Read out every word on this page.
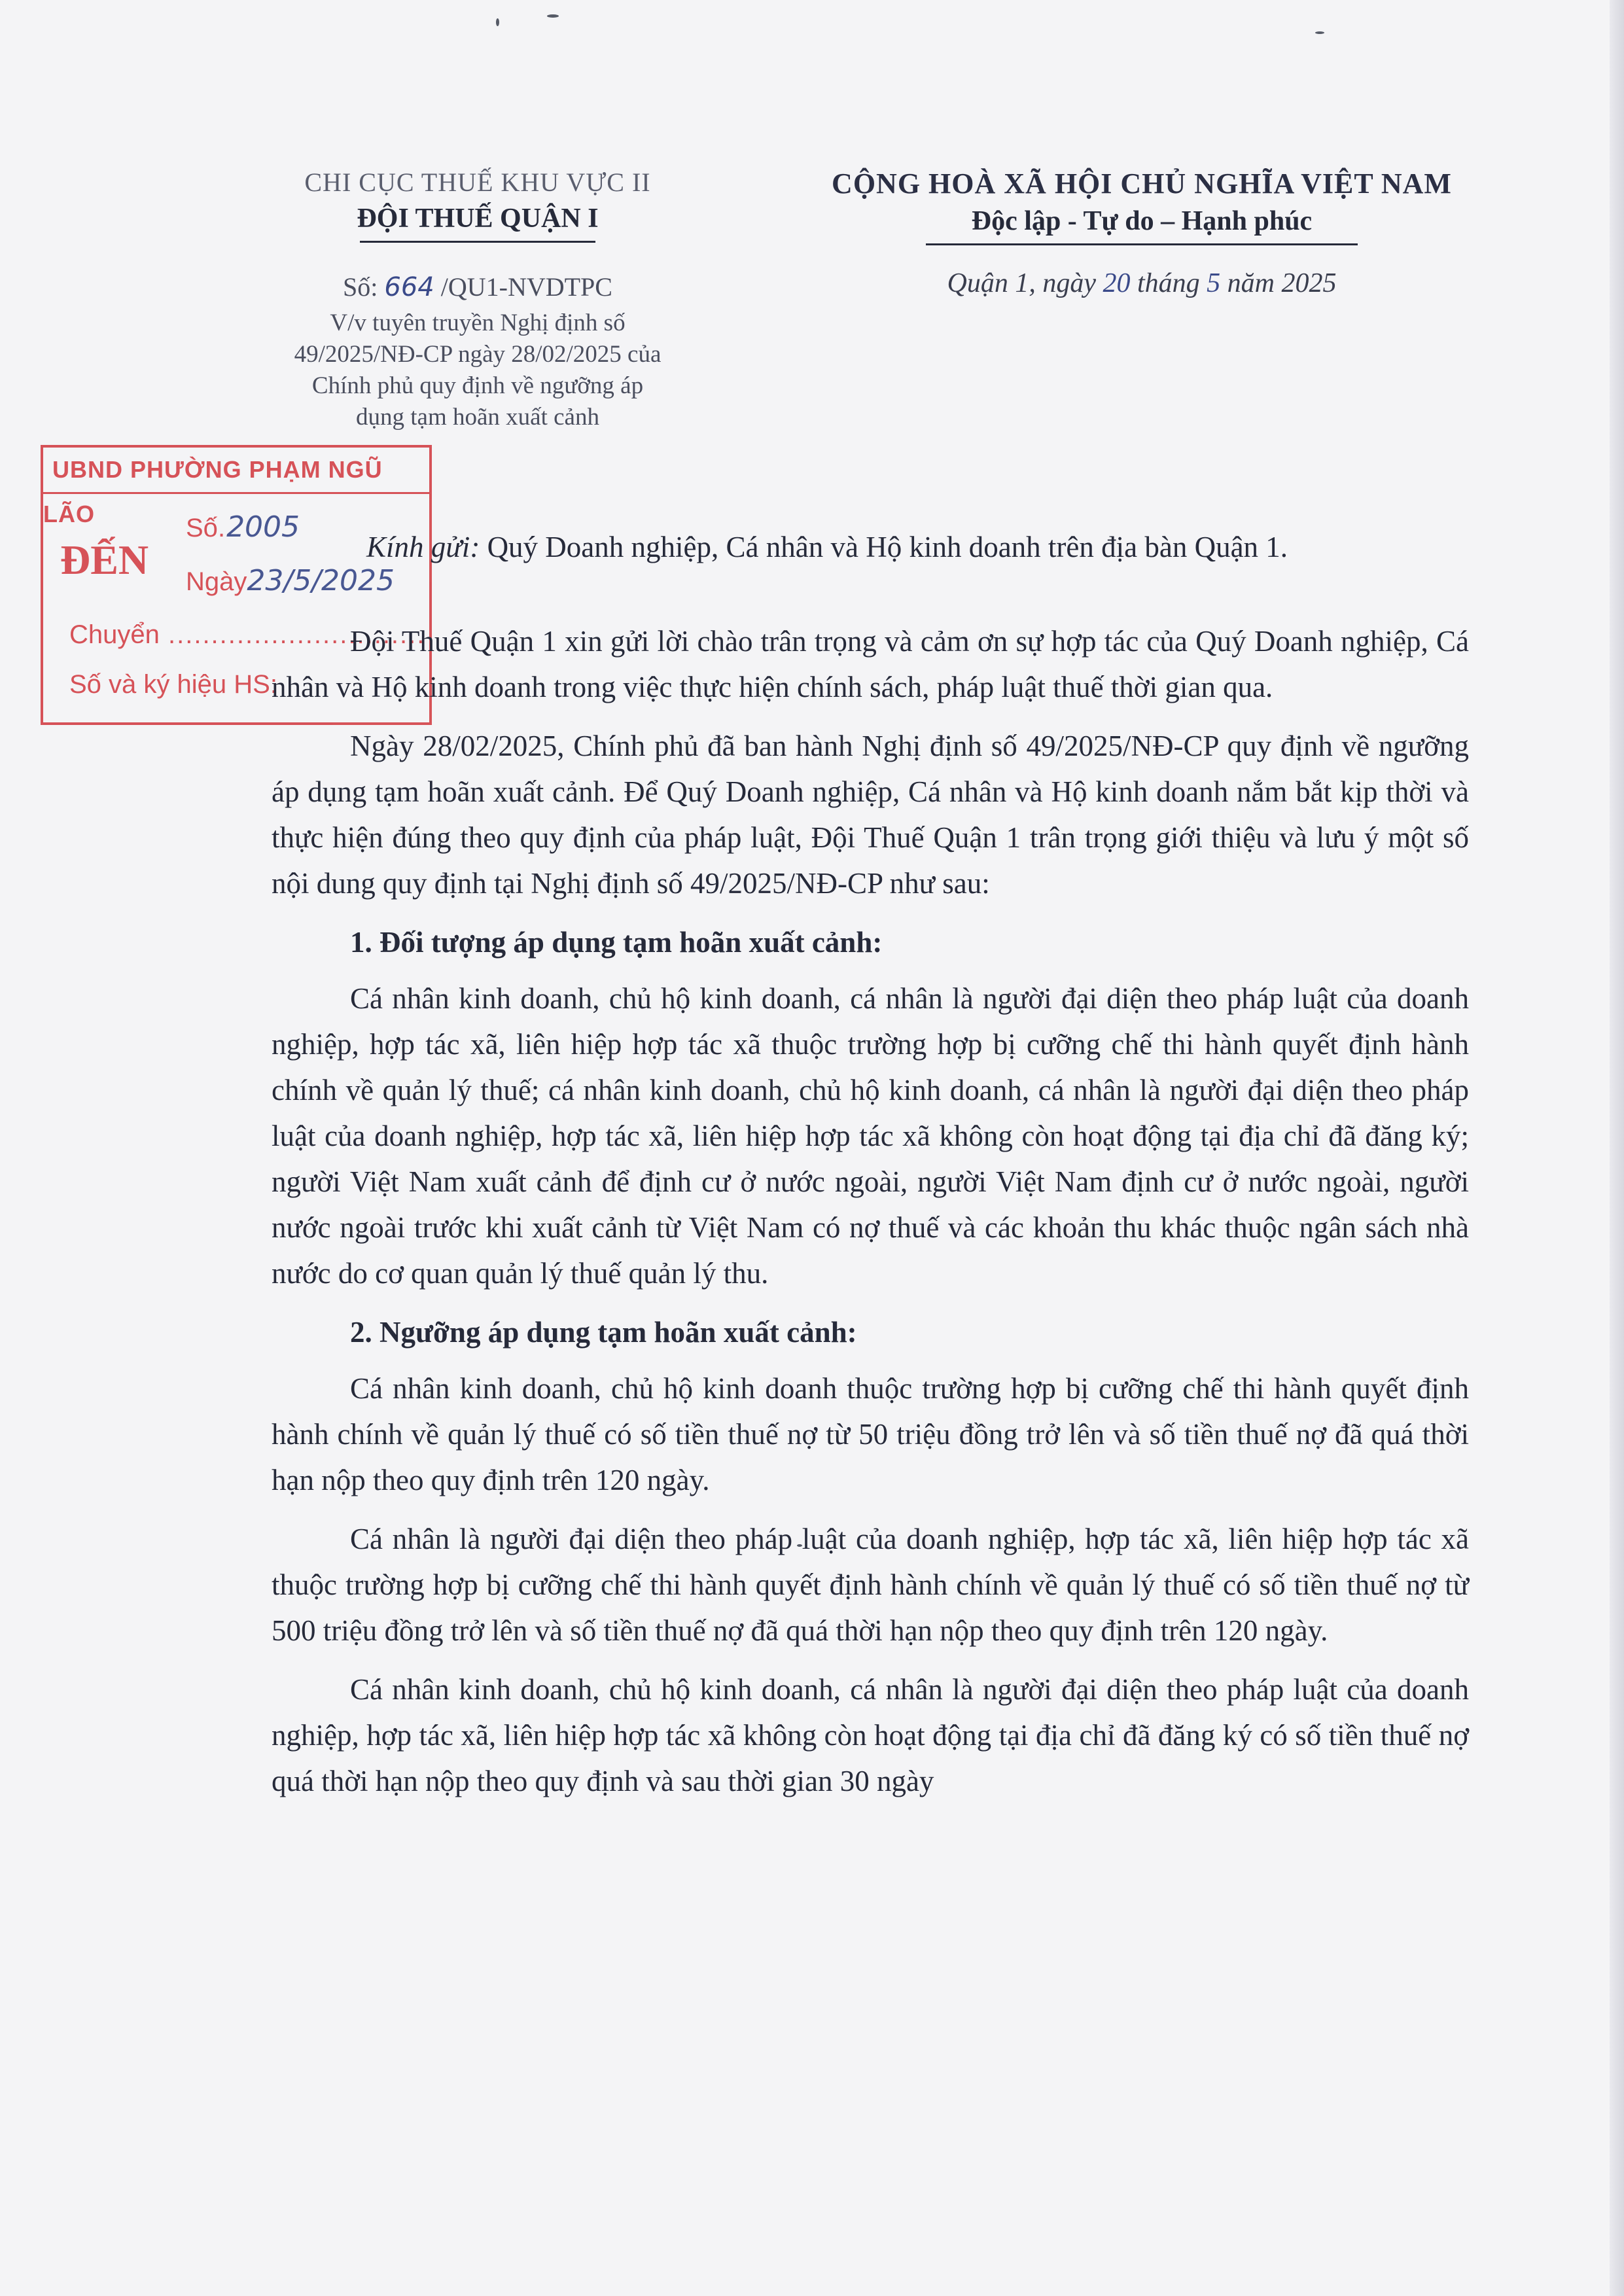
CHI CỤC THUẾ KHU VỰC II
ĐỘI THUẾ QUẬN I
Số: 664 /QU1-NVDTPC
V/v tuyên truyền Nghị định số
49/2025/NĐ-CP ngày 28/02/2025 của
Chính phủ quy định về ngưỡng áp
dụng tạm hoãn xuất cảnh
CỘNG HOÀ XÃ HỘI CHỦ NGHĨA VIỆT NAM
Độc lập - Tự do – Hạnh phúc
Quận 1, ngày 20 tháng 5 năm 2025
UBND PHƯỜNG PHẠM NGŨ LÃO
ĐẾN
Số.2005
Ngày23/5/2025
Chuyển ..............................
Số và ký hiệu HS:
Kính gửi: Quý Doanh nghiệp, Cá nhân và Hộ kinh doanh trên địa bàn Quận 1.

Đội Thuế Quận 1 xin gửi lời chào trân trọng và cảm ơn sự hợp tác của Quý Doanh nghiệp, Cá nhân và Hộ kinh doanh trong việc thực hiện chính sách, pháp luật thuế thời gian qua.

Ngày 28/02/2025, Chính phủ đã ban hành Nghị định số 49/2025/NĐ-CP quy định về ngưỡng áp dụng tạm hoãn xuất cảnh. Để Quý Doanh nghiệp, Cá nhân và Hộ kinh doanh nắm bắt kịp thời và thực hiện đúng theo quy định của pháp luật, Đội Thuế Quận 1 trân trọng giới thiệu và lưu ý một số nội dung quy định tại Nghị định số 49/2025/NĐ-CP như sau:

1. Đối tượng áp dụng tạm hoãn xuất cảnh:

Cá nhân kinh doanh, chủ hộ kinh doanh, cá nhân là người đại diện theo pháp luật của doanh nghiệp, hợp tác xã, liên hiệp hợp tác xã thuộc trường hợp bị cưỡng chế thi hành quyết định hành chính về quản lý thuế; cá nhân kinh doanh, chủ hộ kinh doanh, cá nhân là người đại diện theo pháp luật của doanh nghiệp, hợp tác xã, liên hiệp hợp tác xã không còn hoạt động tại địa chỉ đã đăng ký; người Việt Nam xuất cảnh để định cư ở nước ngoài, người Việt Nam định cư ở nước ngoài, người nước ngoài trước khi xuất cảnh từ Việt Nam có nợ thuế và các khoản thu khác thuộc ngân sách nhà nước do cơ quan quản lý thuế quản lý thu.

2. Ngưỡng áp dụng tạm hoãn xuất cảnh:

Cá nhân kinh doanh, chủ hộ kinh doanh thuộc trường hợp bị cưỡng chế thi hành quyết định hành chính về quản lý thuế có số tiền thuế nợ từ 50 triệu đồng trở lên và số tiền thuế nợ đã quá thời hạn nộp theo quy định trên 120 ngày.

Cá nhân là người đại diện theo pháp luật của doanh nghiệp, hợp tác xã, liên hiệp hợp tác xã thuộc trường hợp bị cưỡng chế thi hành quyết định hành chính về quản lý thuế có số tiền thuế nợ từ 500 triệu đồng trở lên và số tiền thuế nợ đã quá thời hạn nộp theo quy định trên 120 ngày.

Cá nhân kinh doanh, chủ hộ kinh doanh, cá nhân là người đại diện theo pháp luật của doanh nghiệp, hợp tác xã, liên hiệp hợp tác xã không còn hoạt động tại địa chỉ đã đăng ký có số tiền thuế nợ quá thời hạn nộp theo quy định và sau thời gian 30 ngày
